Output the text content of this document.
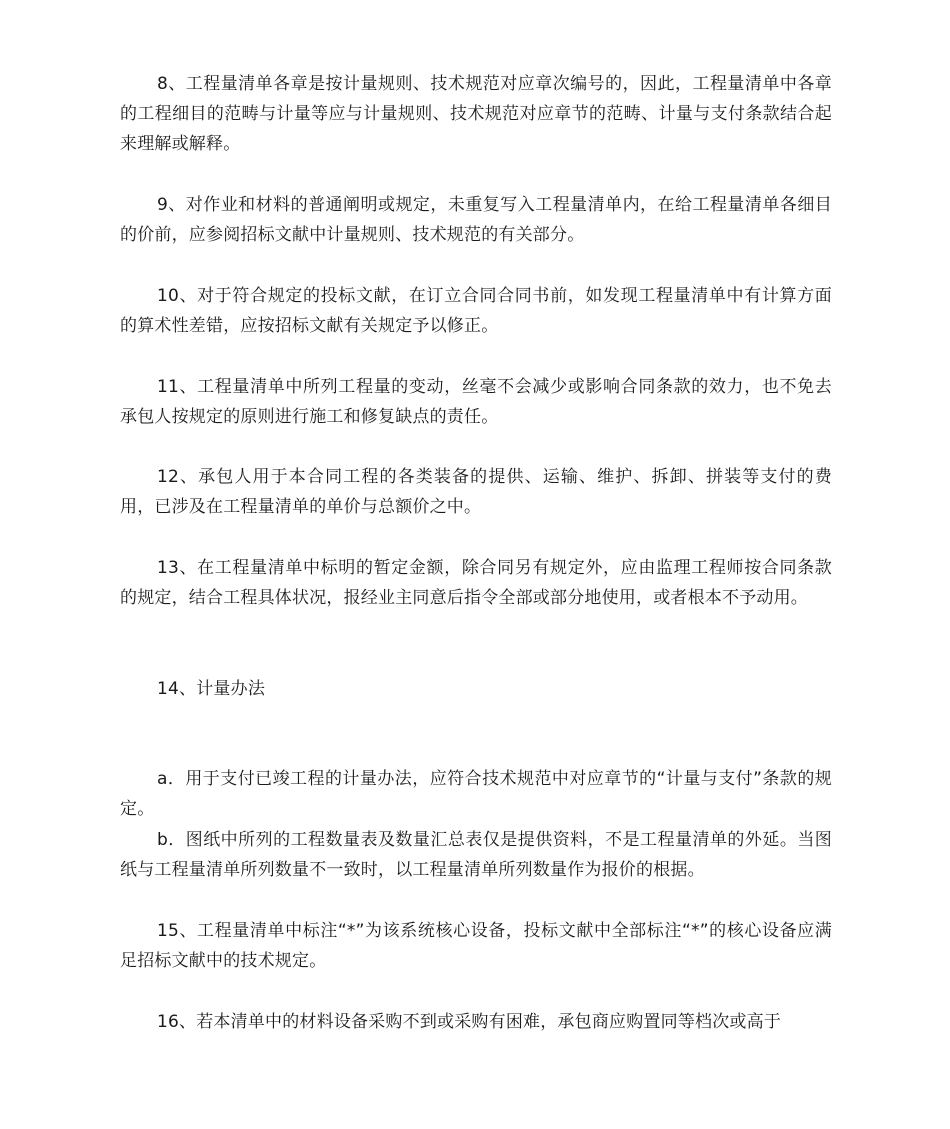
8、工程量清单各章是按计量规则、技术规范对应章次编号的，因此，工程量清单中各章的工程细目的范畴与计量等应与计量规则、技术规范对应章节的范畴、计量与支付条款结合起来理解或解释。

9、对作业和材料的普通阐明或规定，未重复写入工程量清单内，在给工程量清单各细目的价前，应参阅招标文献中计量规则、技术规范的有关部分。

10、对于符合规定的投标文献，在订立合同合同书前，如发现工程量清单中有计算方面的算术性差错，应按招标文献有关规定予以修正。

11、工程量清单中所列工程量的变动，丝毫不会减少或影响合同条款的效力，也不免去承包人按规定的原则进行施工和修复缺点的责任。

12、承包人用于本合同工程的各类装备的提供、运输、维护、拆卸、拼装等支付的费用，已涉及在工程量清单的单价与总额价之中。

13、在工程量清单中标明的暂定金额，除合同另有规定外，应由监理工程师按合同条款的规定，结合工程具体状况，报经业主同意后指令全部或部分地使用，或者根本不予动用。

14、计量办法

a．用于支付已竣工程的计量办法，应符合技术规范中对应章节的“计量与支付”条款的规定。

b．图纸中所列的工程数量表及数量汇总表仅是提供资料，不是工程量清单的外延。当图纸与工程量清单所列数量不一致时，以工程量清单所列数量作为报价的根据。

15、工程量清单中标注“*”为该系统核心设备，投标文献中全部标注“*”的核心设备应满足招标文献中的技术规定。

16、若本清单中的材料设备采购不到或采购有困难，承包商应购置同等档次或高于
